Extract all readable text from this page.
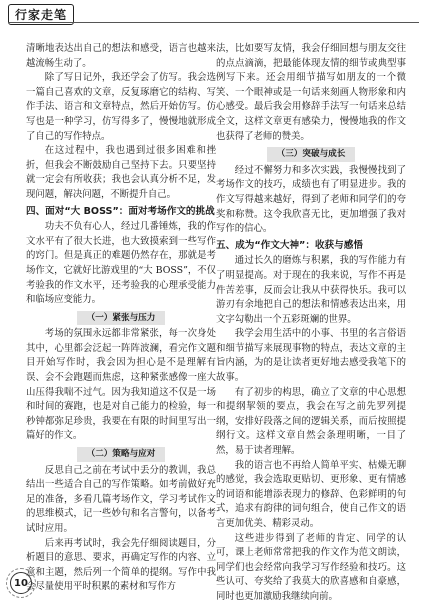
行家走笔

清晰地表达出自己的想法和感受，语言也越来越流畅生动了。

除了写日记外，我还学会了仿写。我会选一篇自己喜欢的文章，反复琢磨它的结构、写作手法、语言和文章特点，然后开始仿写。仿写也是一种学习，仿写得多了，慢慢地就形成了自己的写作特点。

在这过程中，我也遇到过很多困难和挫折，但我会不断鼓励自己坚持下去。只要坚持就一定会有所收获；我也会认真分析不足，发现问题，解决问题，不断提升自己。

四、面对“大 BOSS”：面对考场作文的挑战

功夫不负有心人，经过几番锤炼，我的作文水平有了很大长进，也大致摸索到一些写作的窍门。但是真正的难题仍然存在，那就是考场作文，它就好比游戏里的“大 BOSS”，不仅考验我的作文水平，还考验我的心理承受能力和临场应变能力。

（一）紧张与压力

考场的氛围永远都非常紧张，每一次身处其中，心里都会泛起一阵阵波澜，看完作文题目开始写作时，我会因为担心是不是理解有误、会不会跑题而焦虑，这种紧张感像一座大山压得我喘不过气。因为我知道这不仅是一场和时间的赛跑，也是对自己能力的检验，每一秒钟都弥足珍贵，我要在有限的时间里写出一篇好的作文。

（二）策略与应对

反思自己之前在考试中丢分的教训，我总结出一些适合自己的写作策略。如考前做好充足的准备，多看几篇考场作文，学习考试作文的思维模式，记一些妙句和名言警句，以备考试时应用。

后来再考试时，我会先仔细阅读题目，分析题目的意思、要求，再确定写作的内容、立意和主题，然后列一个简单的提纲。写作中我会尽量使用平时积累的素材和写作方

法，比如要写友情，我会仔细回想与朋友交往的点点滴滴，把最能体现友情的细节或典型事例写下来。还会用细节描写如朋友的一个微笑、一个眼神或是一句话来刻画人物形象和内心感受。最后我会用修辞手法写一句话来总结全文，这样文章更有感染力，慢慢地我的作文也获得了老师的赞美。

（三）突破与成长

经过不懈努力和多次实践，我慢慢找到了考场作文的技巧，成绩也有了明显进步。我的作文写得越来越好，得到了老师和同学们的夸奖和称赞。这令我欣喜无比，更加增强了我对写作的信心。

五、成为“作文大神”：收获与感悟

通过长久的磨炼与积累，我的写作能力有了明显提高。对于现在的我来说，写作不再是件苦差事，反而会让我从中获得快乐。我可以游刃有余地把自己的想法和情感表达出来，用文字勾勒出一个五彩斑斓的世界。

我学会用生活中的小事、书里的名言俗语和细节描写来展现事物的特点，表达文章的主旨内涵，为的是让读者更好地去感受我笔下的故事。

有了初步的构思，确立了文章的中心思想和提纲挈领的要点，我会在写之前先罗列提纲，安排好段落之间的逻辑关系，而后按照提纲行文。这样文章自然会条理明晰，一目了然，易于读者理解。

我的语言也不再给人简单平实、枯燥无聊的感觉，我会选取更贴切、更形象、更有情感的词语和能增添表现力的修辞、色彩鲜明的句式，追求有韵律的词句组合，使自己作文的语言更加优美、精彩灵动。

这些进步得到了老师的肯定、同学的认可，课上老师常常把我的作文作为范文朗读，同学们也会经常向我学习写作经验和技巧。这些认可、夸奖给了我莫大的欣喜感和自豪感，同时也更加激励我继续向前。

10
